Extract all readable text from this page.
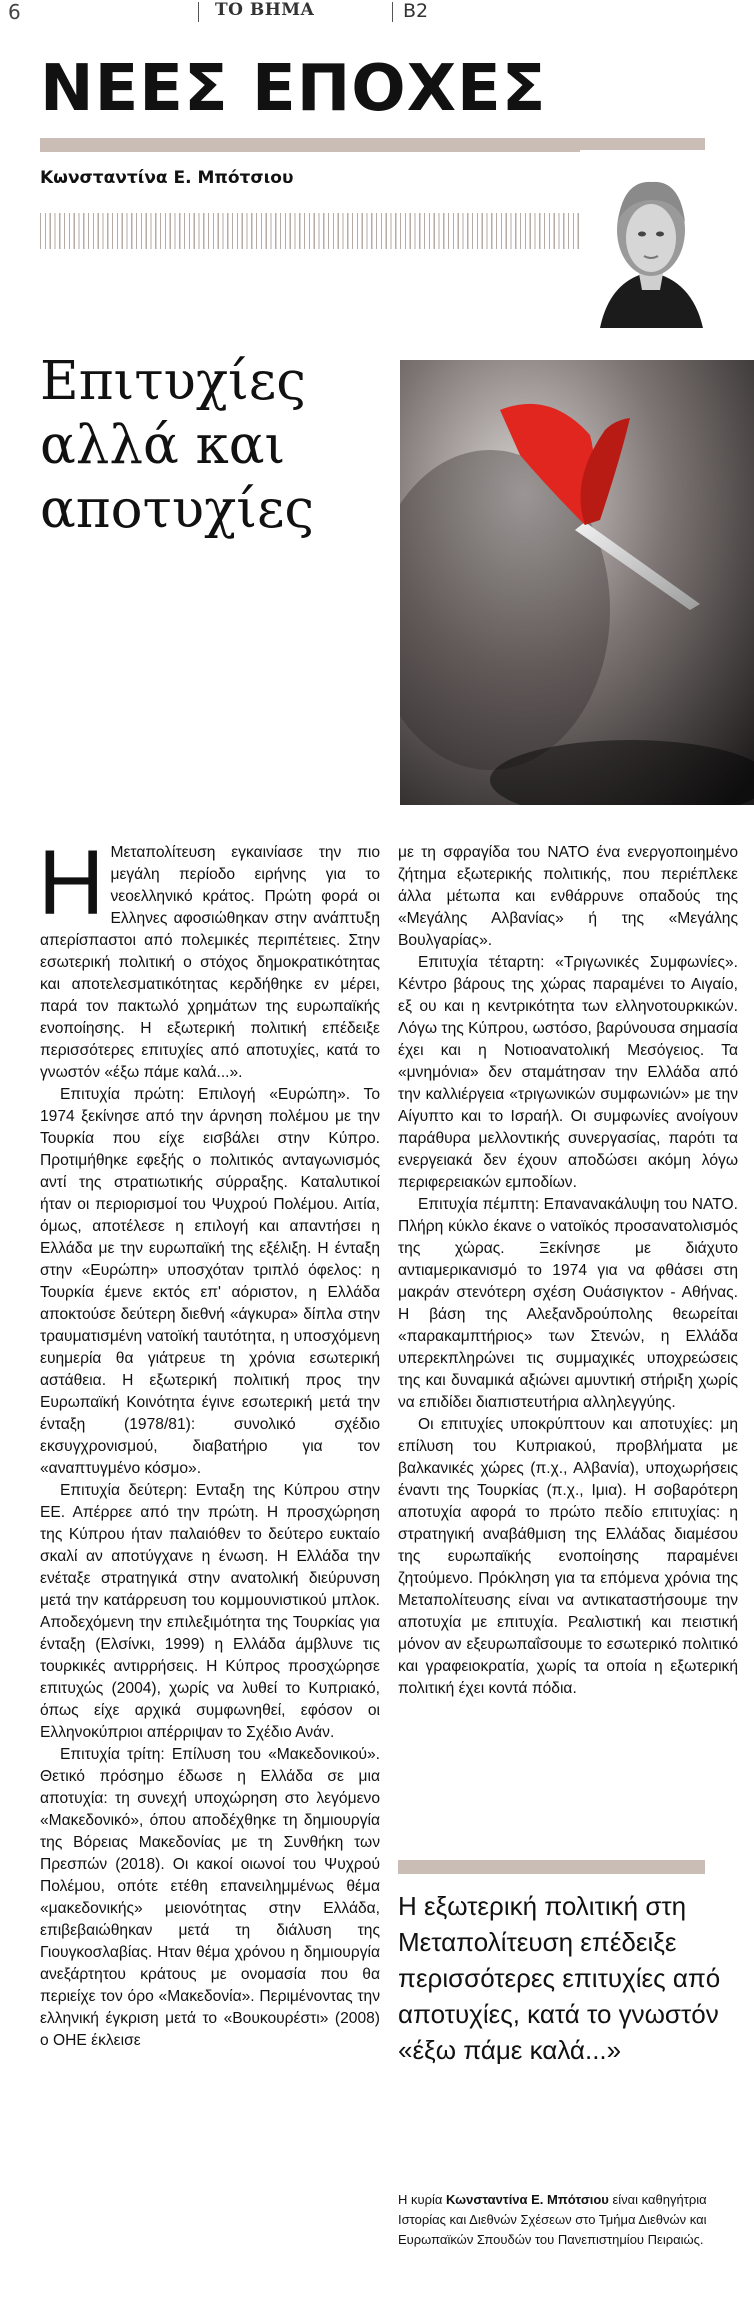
6	ΤΟ ΒΗΜΑ	Β2
ΝΕΕΣ ΕΠΟΧΕΣ
Κωνσταντίνα Ε. Μπότσιου
Επιτυχίες αλλά και αποτυχίες

Η Μεταπολίτευση εγκαινίασε την πιο μεγάλη περίοδο ειρήνης για το νεοελληνικό κράτος. Πρώτη φορά οι Ελληνες αφοσιώθηκαν στην ανάπτυξη απερίσπαστοι από πολεμικές περιπέτειες. Στην εσωτερική πολιτική ο στόχος δημοκρατικότητας και αποτελεσματικότητας κερδήθηκε εν μέρει, παρά τον πακτωλό χρημάτων της ευρωπαϊκής ενοποίησης. Η εξωτερική πολιτική επέδειξε περισσότερες επιτυχίες από αποτυχίες, κατά το γνωστόν «έξω πάμε καλά...».

Επιτυχία πρώτη: Επιλογή «Ευρώπη». Το 1974 ξεκίνησε από την άρνηση πολέμου με την Τουρκία που είχε εισβάλει στην Κύπρο. Προτιμήθηκε εφεξής ο πολιτικός ανταγωνισμός αντί της στρατιωτικής σύρραξης. Καταλυτικοί ήταν οι περιορισμοί του Ψυχρού Πολέμου. Αιτία, όμως, αποτέλεσε η επιλογή και απαντήσει η Ελλάδα με την ευρωπαϊκή της εξέλιξη. Η ένταξη στην «Ευρώπη» υποσχόταν τριπλό όφελος: η Τουρκία έμενε εκτός επ' αόριστον, η Ελλάδα αποκτούσε δεύτερη διεθνή «άγκυρα» δίπλα στην τραυματισμένη νατοϊκή ταυτότητα, η υποσχόμενη ευημερία θα γιάτρευε τη χρόνια εσωτερική αστάθεια. Η εξωτερική πολιτική προς την Ευρωπαϊκή Κοινότητα έγινε εσωτερική μετά την ένταξη (1978/81): συνολικό σχέδιο εκσυγχρονισμού, διαβατήριο για τον «αναπτυγμένο κόσμο».

Επιτυχία δεύτερη: Ενταξη της Κύπρου στην ΕΕ. Απέρρεε από την πρώτη. Η προσχώρηση της Κύπρου ήταν παλαιόθεν το δεύτερο ευκταίο σκαλί αν αποτύγχανε η ένωση. Η Ελλάδα την ενέταξε στρατηγικά στην ανατολική διεύρυνση μετά την κατάρρευση του κομμουνιστικού μπλοκ. Αποδεχόμενη την επιλεξιμότητα της Τουρκίας για ένταξη (Ελσίνκι, 1999) η Ελλάδα άμβλυνε τις τουρκικές αντιρρήσεις. Η Κύπρος προσχώρησε επιτυχώς (2004), χωρίς να λυθεί το Κυπριακό, όπως είχε αρχικά συμφωνηθεί, εφόσον οι Ελληνοκύπριοι απέρριψαν το Σχέδιο Ανάν.

Επιτυχία τρίτη: Επίλυση του «Μακεδονικού». Θετικό πρόσημο έδωσε η Ελλάδα σε μια αποτυχία: τη συνεχή υποχώρηση στο λεγόμενο «Μακεδονικό», όπου αποδέχθηκε τη δημιουργία της Βόρειας Μακεδονίας με τη Συνθήκη των Πρεσπών (2018). Οι κακοί οιωνοί του Ψυχρού Πολέμου, οπότε ετέθη επανειλημμένως θέμα «μακεδονικής» μειονότητας στην Ελλάδα, επιβεβαιώθηκαν μετά τη διάλυση της Γιουγκοσλαβίας. Ηταν θέμα χρόνου η δημιουργία ανεξάρτητου κράτους με ονομασία που θα περιείχε τον όρο «Μακεδονία». Περιμένοντας την ελληνική έγκριση μετά το «Βουκουρέστι» (2008) ο ΟΗΕ έκλεισε

με τη σφραγίδα του ΝΑΤΟ ένα ενεργοποιημένο ζήτημα εξωτερικής πολιτικής, που περιέπλεκε άλλα μέτωπα και ενθάρρυνε οπαδούς της «Μεγάλης Αλβανίας» ή της «Μεγάλης Βουλγαρίας».

Επιτυχία τέταρτη: «Τριγωνικές Συμφωνίες». Κέντρο βάρους της χώρας παραμένει το Αιγαίο, εξ ου και η κεντρικότητα των ελληνοτουρκικών. Λόγω της Κύπρου, ωστόσο, βαρύνουσα σημασία έχει και η Νοτιοανατολική Μεσόγειος. Τα «μνημόνια» δεν σταμάτησαν την Ελλάδα από την καλλιέργεια «τριγωνικών συμφωνιών» με την Αίγυπτο και το Ισραήλ. Οι συμφωνίες ανοίγουν παράθυρα μελλοντικής συνεργασίας, παρότι τα ενεργειακά δεν έχουν αποδώσει ακόμη λόγω περιφερειακών εμποδίων.

Επιτυχία πέμπτη: Επανανακάλυψη του ΝΑΤΟ. Πλήρη κύκλο έκανε ο νατοϊκός προσανατολισμός της χώρας. Ξεκίνησε με διάχυτο αντιαμερικανισμό το 1974 για να φθάσει στη μακράν στενότερη σχέση Ουάσιγκτον - Αθήνας. Η βάση της Αλεξανδρούπολης θεωρείται «παρακαμπτήριος» των Στενών, η Ελλάδα υπερεκπληρώνει τις συμμαχικές υποχρεώσεις της και δυναμικά αξιώνει αμυντική στήριξη χωρίς να επιδίδει διαπιστευτήρια αλληλεγγύης.

Οι επιτυχίες υποκρύπτουν και αποτυχίες: μη επίλυση του Κυπριακού, προβλήματα με βαλκανικές χώρες (π.χ., Αλβανία), υποχωρήσεις έναντι της Τουρκίας (π.χ., Ιμια). Η σοβαρότερη αποτυχία αφορά το πρώτο πεδίο επιτυχίας: η στρατηγική αναβάθμιση της Ελλάδας διαμέσου της ευρωπαϊκής ενοποίησης παραμένει ζητούμενο. Πρόκληση για τα επόμενα χρόνια της Μεταπολίτευσης είναι να αντικαταστήσουμε την αποτυχία με επιτυχία. Ρεαλιστική και πειστική μόνον αν εξευρωπαΐσουμε το εσωτερικό πολιτικό και γραφειοκρατία, χωρίς τα οποία η εξωτερική πολιτική έχει κοντά πόδια.

Η εξωτερική πολιτική στη Μεταπολίτευση επέδειξε περισσότερες επιτυχίες από αποτυχίες, κατά το γνωστόν «έξω πάμε καλά...»
Η κυρία Κωνσταντίνα Ε. Μπότσιου είναι καθηγήτρια Ιστορίας και Διεθνών Σχέσεων στο Τμήμα Διεθνών και Ευρωπαϊκών Σπουδών του Πανεπιστημίου Πειραιώς.
